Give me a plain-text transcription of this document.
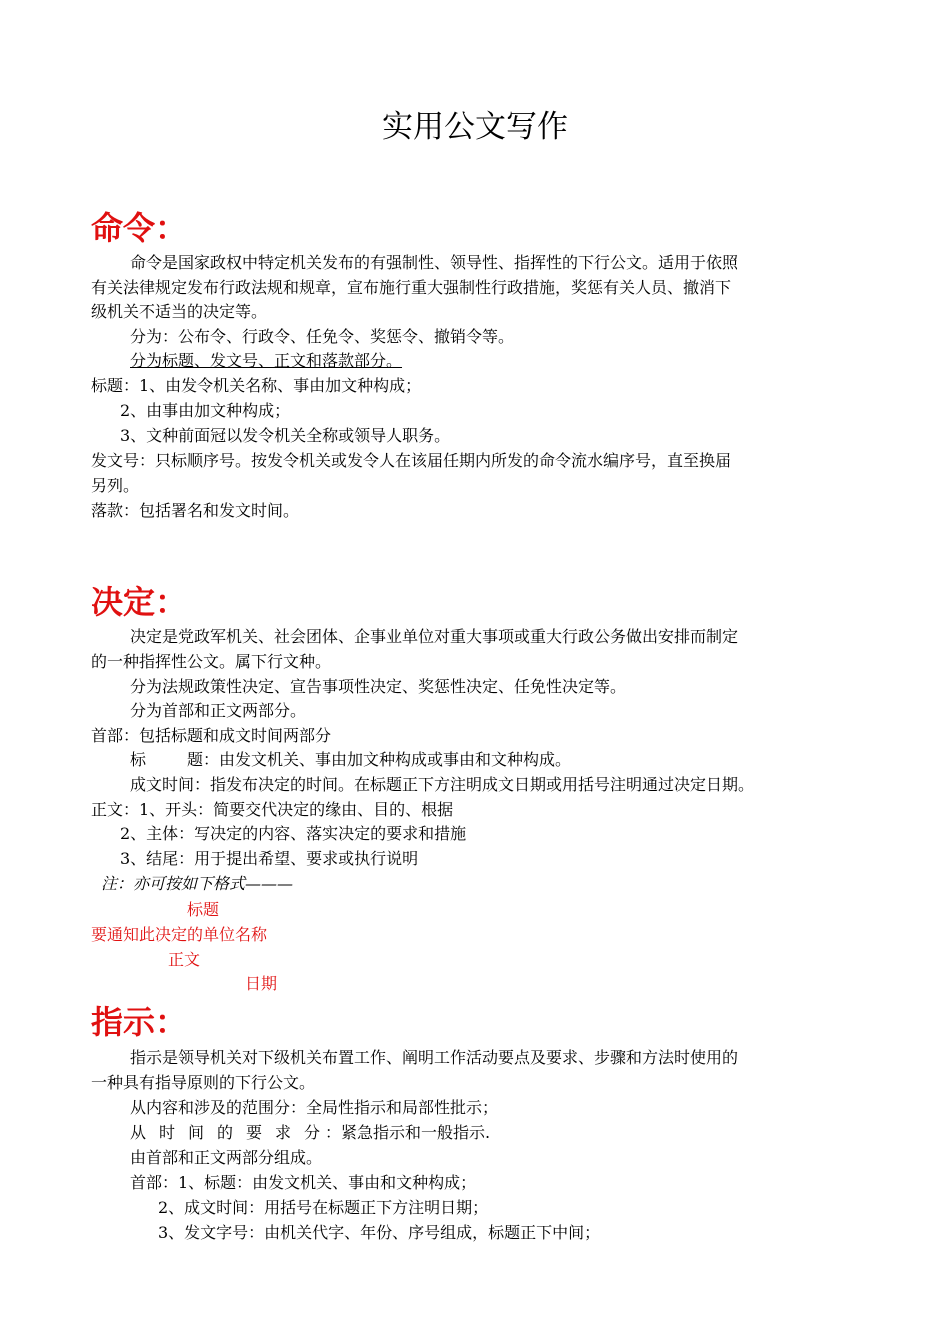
实用公文写作
命令：
命令是国家政权中特定机关发布的有强制性、领导性、指挥性的下行公文。适用于依照
有关法律规定发布行政法规和规章，宣布施行重大强制性行政措施，奖惩有关人员、撤消下
级机关不适当的决定等。
分为：公布令、行政令、任免令、奖惩令、撤销令等。
分为标题、发文号、正文和落款部分。
标题：1、由发令机关名称、事由加文种构成；
2、由事由加文种构成；
3、文种前面冠以发令机关全称或领导人职务。
发文号：只标顺序号。按发令机关或发令人在该届任期内所发的命令流水编序号，直至换届
另列。
落款：包括署名和发文时间。
决定：
决定是党政军机关、社会团体、企事业单位对重大事项或重大行政公务做出安排而制定
的一种指挥性公文。属下行文种。
分为法规政策性决定、宣告事项性决定、奖惩性决定、任免性决定等。
分为首部和正文两部分。
首部：包括标题和成文时间两部分
标	题：由发文机关、事由加文种构成或事由和文种构成。
成文时间：指发布决定的时间。在标题正下方注明成文日期或用括号注明通过决定日期。
正文：1、开头：简要交代决定的缘由、目的、根据
2、主体：写决定的内容、落实决定的要求和措施
3、结尾：用于提出希望、要求或执行说明
注：亦可按如下格式———
标题
要通知此决定的单位名称
正文
日期
指示：
指示是领导机关对下级机关布置工作、阐明工作活动要点及要求、步骤和方法时使用的
一种具有指导原则的下行公文。
从内容和涉及的范围分：全局性指示和局部性批示；
从时间的要求分
：紧急指示和一般指示.
由首部和正文两部分组成。
首部：1、标题：由发文机关、事由和文种构成；
2、成文时间：用括号在标题正下方注明日期；
3、发文字号：由机关代字、年份、序号组成，标题正下中间；
